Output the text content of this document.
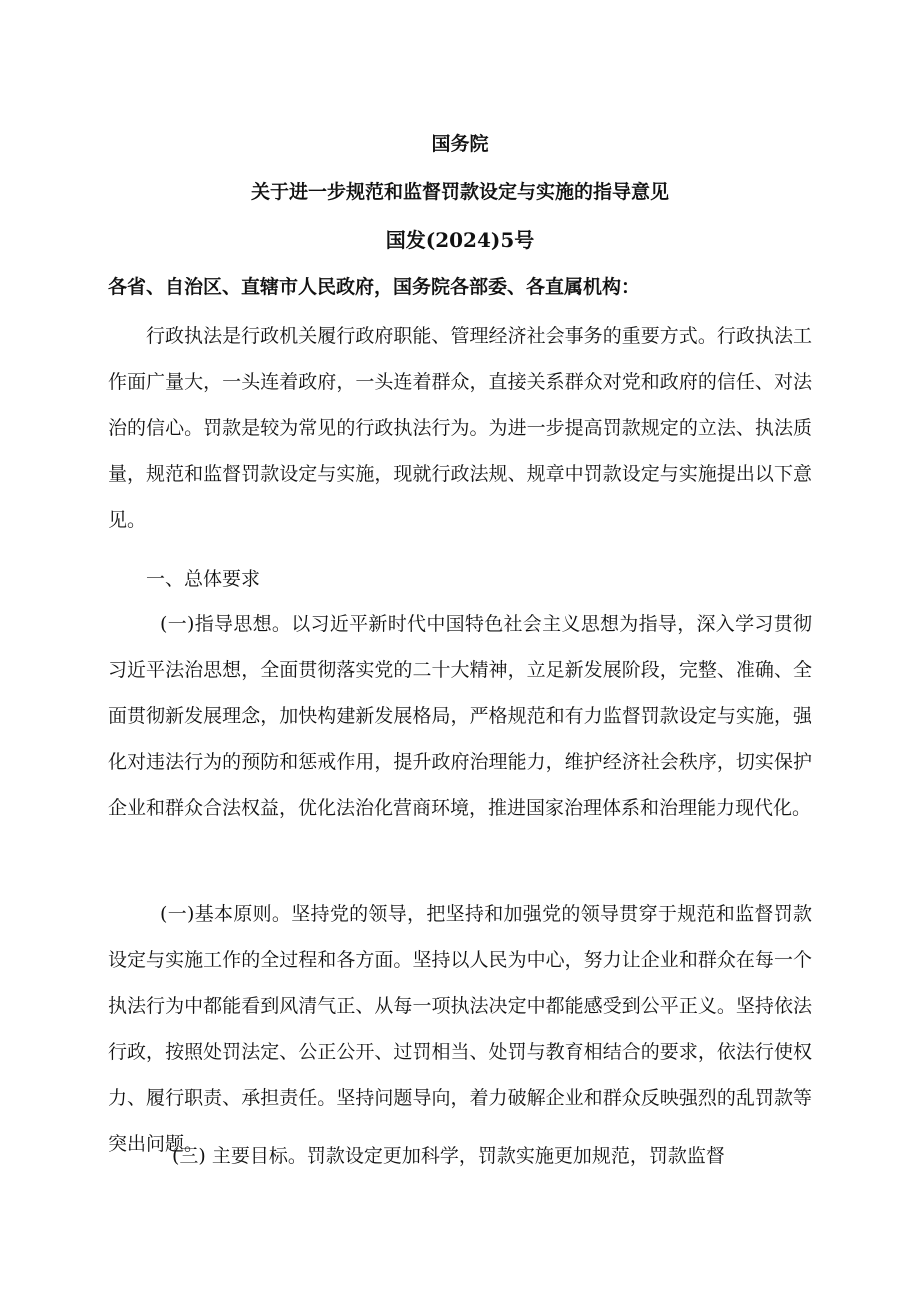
国务院
关于进一步规范和监督罚款设定与实施的指导意见
国发(2024)5号
各省、自治区、直辖市人民政府，国务院各部委、各直属机构：
行政执法是行政机关履行政府职能、管理经济社会事务的重要方式。行政执法工作面广量大，一头连着政府，一头连着群众，直接关系群众对党和政府的信任、对法治的信心。罚款是较为常见的行政执法行为。为进一步提高罚款规定的立法、执法质量，规范和监督罚款设定与实施，现就行政法规、规章中罚款设定与实施提出以下意见。
一、总体要求
(一)指导思想。以习近平新时代中国特色社会主义思想为指导，深入学习贯彻习近平法治思想，全面贯彻落实党的二十大精神，立足新发展阶段，完整、准确、全面贯彻新发展理念，加快构建新发展格局，严格规范和有力监督罚款设定与实施，强化对违法行为的预防和惩戒作用，提升政府治理能力，维护经济社会秩序，切实保护企业和群众合法权益，优化法治化营商环境，推进国家治理体系和治理能力现代化。
(一)基本原则。坚持党的领导，把坚持和加强党的领导贯穿于规范和监督罚款设定与实施工作的全过程和各方面。坚持以人民为中心，努力让企业和群众在每一个执法行为中都能看到风清气正、从每一项执法决定中都能感受到公平正义。坚持依法行政，按照处罚法定、公正公开、过罚相当、处罚与教育相结合的要求，依法行使权力、履行职责、承担责任。坚持问题导向，着力破解企业和群众反映强烈的乱罚款等突出问题。
(三) 主要目标。罚款设定更加科学，罚款实施更加规范，罚款监督
